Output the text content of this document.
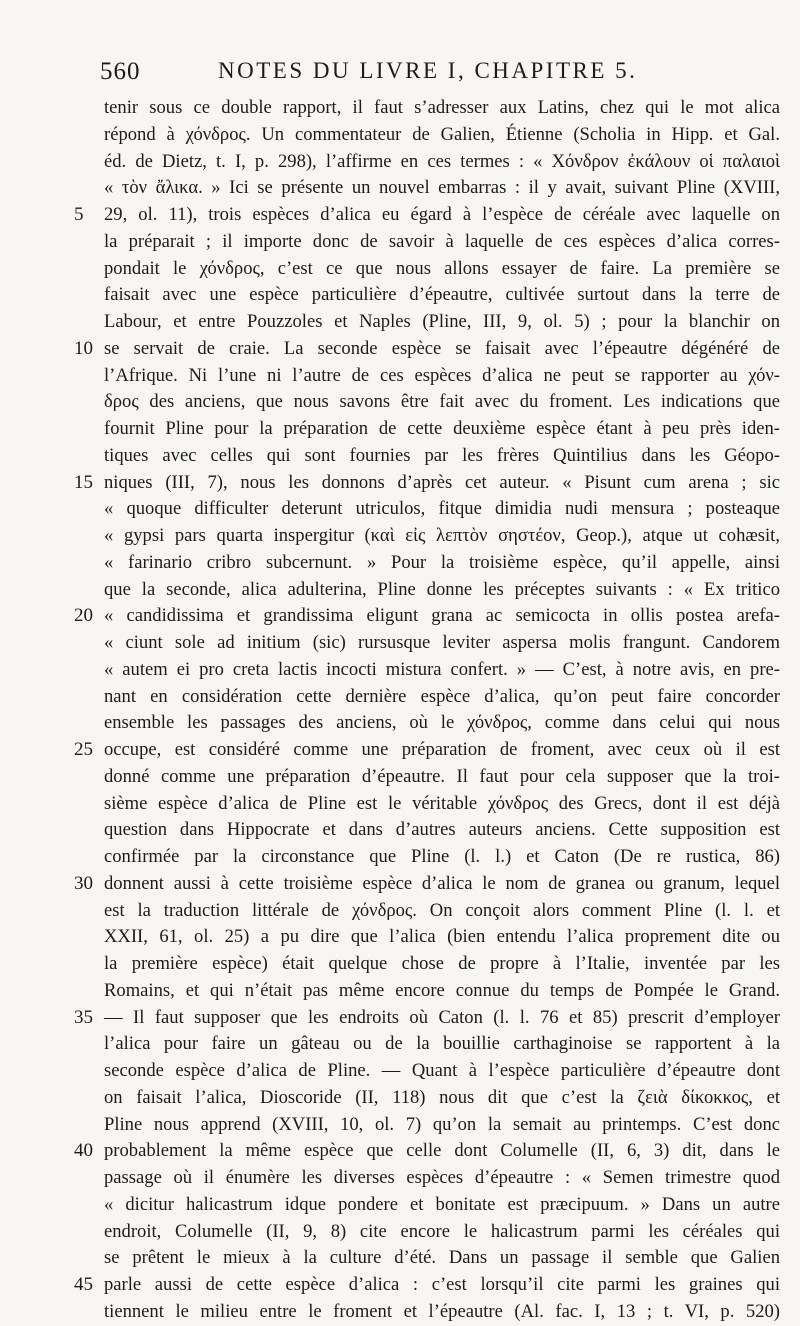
560	NOTES DU LIVRE I, CHAPITRE 5.
tenir sous ce double rapport, il faut s’adresser aux Latins, chez qui le mot alica
répond à χόνδρος. Un commentateur de Galien, Étienne (Scholia in Hipp. et Gal.
éd. de Dietz, t. I, p. 298), l’affirme en ces termes : « Χόνδρον ἐκάλουν οἱ παλαιοὶ
« τὸν ἄλικα. » Ici se présente un nouvel embarras : il y avait, suivant Pline (XVIII,
5 29, ol. 11), trois espèces d’alica eu égard à l’espèce de céréale avec laquelle on
la préparait ; il importe donc de savoir à laquelle de ces espèces d’alica corres-
pondait le χόνδρος, c’est ce que nous allons essayer de faire. La première se
faisait avec une espèce particulière d’épeautre, cultivée surtout dans la terre de
Labour, et entre Pouzzoles et Naples (Pline, III, 9, ol. 5) ; pour la blanchir on
10 se servait de craie. La seconde espèce se faisait avec l’épeautre dégénéré de
l’Afrique. Ni l’une ni l’autre de ces espèces d’alica ne peut se rapporter au χόν-
δρος des anciens, que nous savons être fait avec du froment. Les indications que
fournit Pline pour la préparation de cette deuxième espèce étant à peu près iden-
tiques avec celles qui sont fournies par les frères Quintilius dans les Géopo-
15 niques (III, 7), nous les donnons d’après cet auteur. « Pisunt cum arena ; sic
« quoque difficulter deterunt utriculos, fitque dimidia nudi mensura ; posteaque
« gypsi pars quarta inspergitur (καὶ εἰς λεπτὸν σηστέον, Geop.), atque ut cohæsit,
« farinario cribro subcernunt. » Pour la troisième espèce, qu’il appelle, ainsi
que la seconde, alica adulterina, Pline donne les préceptes suivants : « Ex tritico
20 « candidissima et grandissima eligunt grana ac semicocta in ollis postea arefa-
« ciunt sole ad initium (sic) rursusque leviter aspersa molis frangunt. Candorem
« autem ei pro creta lactis incocti mistura confert. » — C’est, à notre avis, en pre-
nant en considération cette dernière espèce d’alica, qu’on peut faire concorder
ensemble les passages des anciens, où le χόνδρος, comme dans celui qui nous
25 occupe, est considéré comme une préparation de froment, avec ceux où il est
donné comme une préparation d’épeautre. Il faut pour cela supposer que la troi-
sième espèce d’alica de Pline est le véritable χόνδρος des Grecs, dont il est déjà
question dans Hippocrate et dans d’autres auteurs anciens. Cette supposition est
confirmée par la circonstance que Pline (l. l.) et Caton (De re rustica, 86)
30 donnent aussi à cette troisième espèce d’alica le nom de granea ou granum, lequel
est la traduction littérale de χόνδρος. On conçoit alors comment Pline (l. l. et
XXII, 61, ol. 25) a pu dire que l’alica (bien entendu l’alica proprement dite ou
la première espèce) était quelque chose de propre à l’Italie, inventée par les
Romains, et qui n’était pas même encore connue du temps de Pompée le Grand.
35 — Il faut supposer que les endroits où Caton (l. l. 76 et 85) prescrit d’employer
l’alica pour faire un gâteau ou de la bouillie carthaginoise se rapportent à la
seconde espèce d’alica de Pline. — Quant à l’espèce particulière d’épeautre dont
on faisait l’alica, Dioscoride (II, 118) nous dit que c’est la ζειὰ δίκοκκος, et
Pline nous apprend (XVIII, 10, ol. 7) qu’on la semait au printemps. C’est donc
40 probablement la même espèce que celle dont Columelle (II, 6, 3) dit, dans le
passage où il énumère les diverses espèces d’épeautre : « Semen trimestre quod
« dicitur halicastrum idque pondere et bonitate est præcipuum. » Dans un autre
endroit, Columelle (II, 9, 8) cite encore le halicastrum parmi les céréales qui
se prêtent le mieux à la culture d’été. Dans un passage il semble que Galien
45 parle aussi de cette espèce d’alica : c’est lorsqu’il cite parmi les graines qui
tiennent le milieu entre le froment et l’épeautre (Al. fac. I, 13 ; t. VI, p. 520)
